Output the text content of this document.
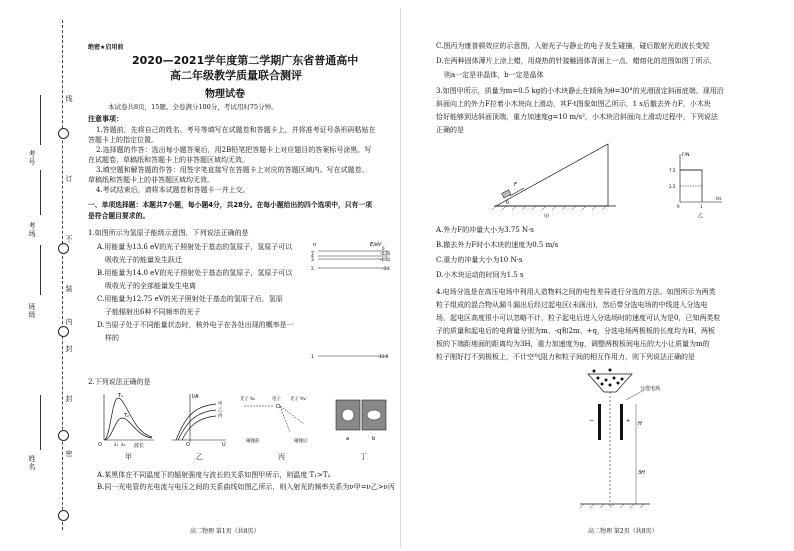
考号
考场
班级
姓名
线
订
不
装
内
封
封
密
绝密★启用前
2020—2021学年度第二学期广东省普通高中
高二年级教学质量联合测评
物理试卷
本试卷共8页，15题。全卷满分100分，考试用时75分钟。
注意事项：
1.答题前，先将自己的姓名、考号等填写在试题卷和答题卡上，并将准考证号条形码粘贴在
答题卡上的指定位置。
2.选择题的作答：选出每小题答案后，用2B铅笔把答题卡上对应题目的答案标号涂黑。写
在试题卷、草稿纸和答题卡上的非答题区域均无效。
3.填空题和解答题的作答：用签字笔直接写在答题卡上对应的答题区域内。写在试题卷、
草稿纸和答题卡上的非答题区域均无效。
4.考试结束后，请将本试题卷和答题卡一并上交。
一、单项选择题：本题共7小题，每小题4分，共28分。在每小题给出的四个选项中，只有一项
是符合题目要求的。
1.如图所示为氢原子能级示意图，下列说法正确的是
A.用能量为13.6 eV的光子照射处于基态的氢原子，氢原子可以
吸收光子的能量发生跃迁
B.用能量为14.0 eV的光子照射处于基态的氢原子，氢原子可以
吸收光子的全部能量发生电离
C.用能量为12.75 eV的光子照射处于基态的氢原子后，氢原
子能辐射出6种不同频率的光子
D.当原子处于不同能量状态时，核外电子在各处出现的概率是一
样的
n	E/eV
∞
4
3
2
1
0
-0.85
-1.51
-3.4
-13.6
2.下列说法正确的是
T₁
T₂
O	λ₁ λ₂ 波长
I/A
U
O
甲
乙
丙
光子 h₀	电子 光子 hν
碰撞前	碰撞后	a	b
甲	乙	丙	丁
A.某黑体在不同温度下的辐射强度与波长的关系如图甲所示，则温度 T₁>T₂
B.同一光电管的光电流与电压之间的关系曲线如图乙所示，则入射光的频率关系为ν甲=ν乙>ν丙
高二物理 第1页（共8页）
C.图丙为康普顿效应的示意图，入射光子与静止的电子发生碰撞，碰后散射光的波长变短
D.在两种固体薄片上涂上蜡，用烧热的针接触固体背面上一点，蜡熔化的范围如图丁所示，
则a一定是非晶体，b一定是晶体
3.如图甲所示，质量为m=0.5 kg的小木块静止在倾角为θ=30°的光滑固定斜面底端，现用沿
斜面向上的外力F拉着小木块向上滑动，其F-t图象如图乙所示，1 s后撤去外力F，小木块
恰好能够到达斜面顶端，重力加速度g=10 m/s²，小木块沿斜面向上滑动过程中，下列说法
正确的是
F
θ
甲
F/N
7.5
2.5
t/s
0	1
乙
A.外力F的冲量大小为3.75 N·s
B.撤去外力F时小木块的速度为0.5 m/s
C.重力的冲量大小为10 N·s
D.小木块运动的时间为1.5 s
4.电场分选是在高压电场中利用人造物料之间的电性差异进行分选的方法。如图所示为两类
粒子组成的混合物从漏斗漏出后经过起电区(未画出)，然后带分选电场的中线进入分选电
场，起电区高度很小可以忽略不计，粒子起电后进入分选场时的速度可认为是0，已知两类粒
子的质量和起电后的电荷量分别为m、-q和2m、+q，分选电场两极板的长度均为H，两板
板的下端距地面的距离均为3H，重力加速度为g，调整两极板间电压的大小让质量为m的
粒子刚好打不到极板上，不计空气阻力和粒子间的相互作用力，则下列说法正确的是
分选电场
−	+ H
3H
高二物理 第2页（共8页）
